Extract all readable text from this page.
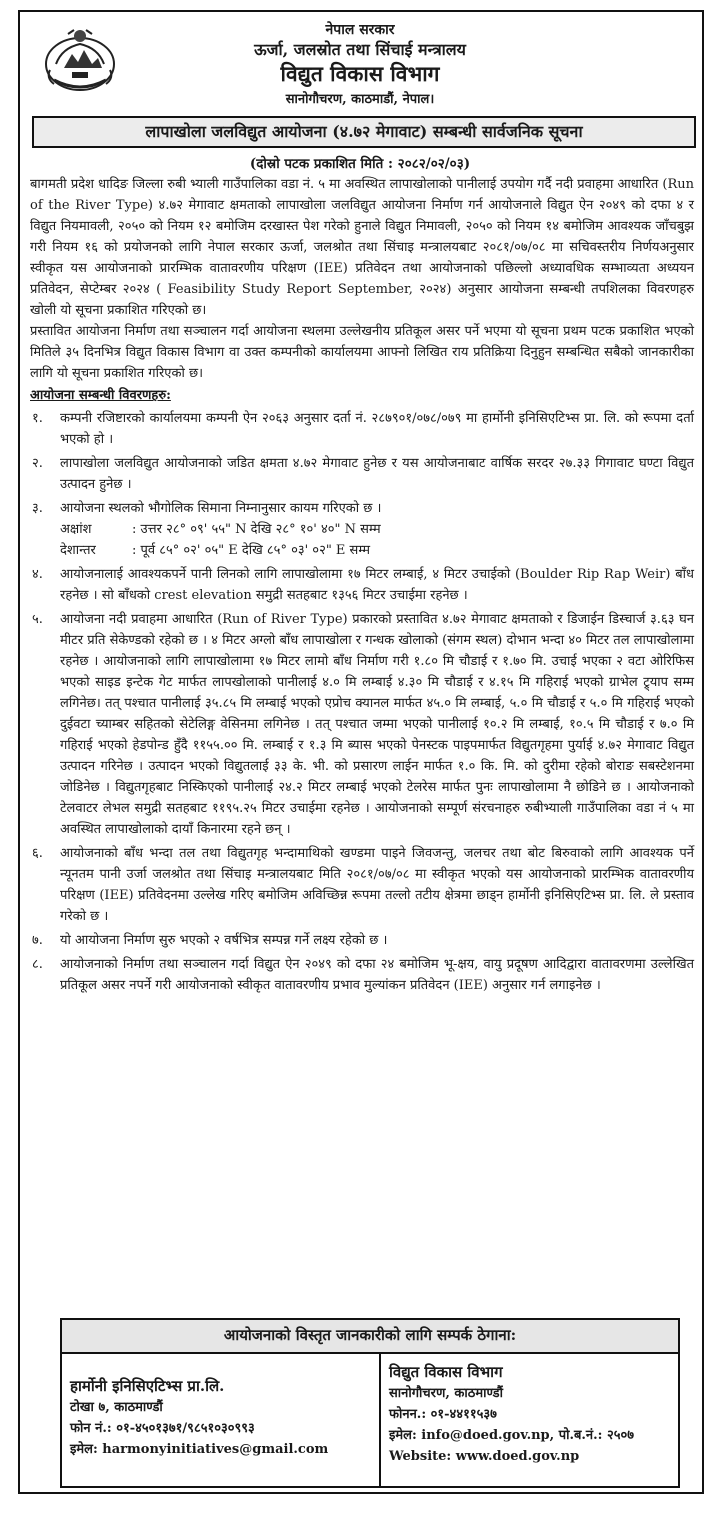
नेपाल सरकार
ऊर्जा, जलस्रोत तथा सिंचाई मन्त्रालय
विद्युत विकास विभाग
सानोगौचरण, काठमाडौं, नेपाल।
लापाखोला जलविद्युत आयोजना (४.७२ मेगावाट) सम्बन्धी सार्वजनिक सूचना
(दोस्रो पटक प्रकाशित मिति : २०८२/०२/०३)

बागमती प्रदेश धादिङ जिल्ला रुबी भ्याली गाउँपालिका वडा नं. ५ मा अवस्थित लापाखोलाको पानीलाई उपयोग गर्दै नदी प्रवाहमा आधारित (Run of the River Type) ४.७२ मेगावाट क्षमताको लापाखोला जलविद्युत आयोजना निर्माण गर्न आयोजनाले विद्युत ऐन २०४९ को दफा ४ र विद्युत नियमावली, २०५० को नियम १२ बमोजिम दरखास्त पेश गरेको हुनाले विद्युत निमावली, २०५० को नियम १४ बमोजिम आवश्यक जाँचबुझ गरी नियम १६ को प्रयोजनको लागि नेपाल सरकार ऊर्जा, जलश्रोत तथा सिंचाइ मन्त्रालयबाट २०८१/०७/०८ मा सचिवस्तरीय निर्णयअनुसार स्वीकृत यस आयोजनाको प्रारम्भिक वातावरणीय परिक्षण (IEE) प्रतिवेदन तथा आयोजनाको पछिल्लो अध्यावधिक सम्भाव्यता अध्ययन प्रतिवेदन, सेप्टेम्बर २०२४ ( Feasibility Study Report September, २०२४) अनुसार आयोजना सम्बन्धी तपशिलका विवरणहरु खोली यो सूचना प्रकाशित गरिएको छ।

प्रस्तावित आयोजना निर्माण तथा सञ्चालन गर्दा आयोजना स्थलमा उल्लेखनीय प्रतिकूल असर पर्ने भएमा यो सूचना प्रथम पटक प्रकाशित भएको मितिले ३५ दिनभित्र विद्युत विकास विभाग वा उक्त कम्पनीको कार्यालयमा आफ्नो लिखित राय प्रतिक्रिया दिनुहुन सम्बन्धित सबैको जानकारीका लागि यो सूचना प्रकाशित गरिएको छ।

आयोजना सम्बन्धी विवरणहरु:
१. कम्पनी रजिष्टारको कार्यालयमा कम्पनी ऐन २०६३ अनुसार दर्ता नं. २८७९०१/०७८/०७९ मा हार्मोनी इनिसिएटिभ्स प्रा. लि. को रूपमा दर्ता भएको हो ।
२. लापाखोला जलविद्युत आयोजनाको जडित क्षमता ४.७२ मेगावाट हुनेछ र यस आयोजनाबाट वार्षिक सरदर २७.३३ गिगावाट घण्टा विद्युत उत्पादन हुनेछ ।
३. आयोजना स्थलको भौगोलिक सिमाना निम्नानुसार कायम गरिएको छ ।
अक्षांश	: उत्तर २८° ०९' ५५" N देखि २८° १०' ४०" N सम्म
देशान्तर	: पूर्व ८५° ०२' ०५" E देखि ८५° ०३' ०२" E सम्म
४. आयोजनालाई आवश्यकपर्ने पानी लिनको लागि लापाखोलामा १७ मिटर लम्बाई, ४ मिटर उचाईको (Boulder Rip Rap Weir) बाँध रहनेछ । सो बाँधको crest elevation समुद्री सतहबाट १३५६ मिटर उचाईमा रहनेछ ।
५. आयोजना नदी प्रवाहमा आधारित (Run of River Type) प्रकारको प्रस्तावित ४.७२ मेगावाट क्षमताको र डिजाईन डिस्चार्ज ३.६३ घन मीटर प्रति सेकेण्डको रहेको छ । ४ मिटर अग्लो बाँध लापाखोला र गन्धक खोलाको (संगम स्थल) दोभान भन्दा ४० मिटर तल लापाखोलामा रहनेछ । आयोजनाको लागि लापाखोलामा १७ मिटर लामो बाँध निर्माण गरी १.८० मि चौडाई र १.७० मि. उचाई भएका २ वटा ओरिफिस भएको साइड इन्टेक गेट मार्फत लापखोलाको पानीलाई ४.० मि लम्बाई ४.३० मि चौडाई र ४.१५ मि गहिराई भएको ग्राभेल ट्र्याप सम्म लगिनेछ। तत् पश्चात पानीलाई ३५.८५ मि लम्बाई भएको एप्रोच क्यानल मार्फत ४५.० मि लम्बाई, ५.० मि चौडाई र ५.० मि गहिराई भएको दुईवटा च्याम्बर सहितको सेटेलिङ्ग वेसिनमा लगिनेछ । तत् पश्चात जम्मा भएको पानीलाई १०.२ मि लम्बाई, १०.५ मि चौडाई र ७.० मि गहिराई भएको हेडपोन्ड हुँदै ११५५.०० मि. लम्बाई र १.३ मि ब्यास भएको पेनस्टक पाइपमार्फत विद्युतगृहमा पुर्याई ४.७२ मेगावाट विद्युत उत्पादन गरिनेछ । उत्पादन भएको विद्युतलाई ३३ के. भी. को प्रसारण लाईन मार्फत १.० कि. मि. को दुरीमा रहेको बोराङ सबस्टेशनमा जोडिनेछ । विद्युतगृहबाट निस्किएको पानीलाई २४.२ मिटर लम्बाई भएको टेलरेस मार्फत पुनः लापाखोलामा नै छोडिने छ । आयोजनाको टेलवाटर लेभल समुद्री सतहबाट ११९५.२५ मिटर उचाईमा रहनेछ । आयोजनाको सम्पूर्ण संरचनाहरु रुबीभ्याली गाउँपालिका वडा नं ५ मा अवस्थित लापाखोलाको दायाँ किनारमा रहने छन् ।
६. आयोजनाको बाँध भन्दा तल तथा विद्युतगृह भन्दामाथिको खण्डमा पाइने जिवजन्तु, जलचर तथा बोट बिरुवाको लागि आवश्यक पर्ने न्यूनतम पानी उर्जा जलश्रोत तथा सिंचाइ मन्त्रालयबाट मिति २०८१/०७/०८ मा स्वीकृत भएको यस आयोजनाको प्रारम्भिक वातावरणीय परिक्षण (IEE) प्रतिवेदनमा उल्लेख गरिए बमोजिम अविच्छिन्न रूपमा तल्लो तटीय क्षेत्रमा छाड्न हार्मोनी इनिसिएटिभ्स प्रा. लि. ले प्रस्ताव गरेको छ ।
७. यो आयोजना निर्माण सुरु भएको २ वर्षभित्र सम्पन्न गर्ने लक्ष्य रहेको छ ।
८. आयोजनाको निर्माण तथा सञ्चालन गर्दा विद्युत ऐन २०४९ को दफा २४ बमोजिम भू-क्षय, वायु प्रदूषण आदिद्वारा वातावरणमा उल्लेखित प्रतिकूल असर नपर्ने गरी आयोजनाको स्वीकृत वातावरणीय प्रभाव मुल्यांकन प्रतिवेदन (IEE) अनुसार गर्न लगाइनेछ ।
आयोजनाको विस्तृत जानकारीको लागि सम्पर्क ठेगाना:
हार्मोनी इनिसिएटिभ्स प्रा.लि.
टोखा ७, काठमाण्डौं
फोन नं.: ०१-४५०१३७१/९८५१०३०९९३
इमेल: harmonyinitiatives@gmail.com
विद्युत विकास विभाग
सानोगौचरण, काठमाण्डौं
फोनन.: ०१-४४११५३७
इमेल: info@doed.gov.np, पो.ब.नं.: २५०७
Website: www.doed.gov.np
